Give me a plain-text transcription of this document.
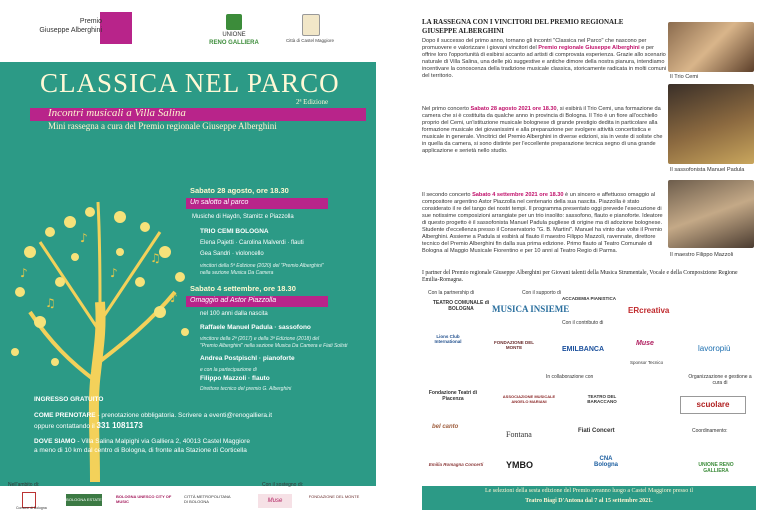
Premio
Giuseppe Alberghini
UNIONE
RENO GALLIERA	Città di Castel Maggiore
♪
♫
♪
♫	♪
♪
CLASSICA NEL PARCO
2ª Edizione
Incontri musicali a Villa Salina
Mini rassegna a cura del Premio regionale Giuseppe Alberghini
Sabato 28 agosto, ore 18.30
Un salotto al parco
Musiche di Haydn, Stamitz e Piazzolla
TRIO CEMI BOLOGNA
Elena Pajetti · Carolina Malverdi · flauti
Gea Sandri · violoncello
vincitori della 5ª Edizione (2020) del "Premio Alberghini"
nella sezione Musica Da Camera
Sabato 4 settembre, ore 18.30
Omaggio ad Astor Piazzolla
nel 100 anni dalla nascita
Raffaele Manuel Padula · sassofono
vincitore della 2ª (2017) e della 3ª Edizione (2018) del
"Premio Alberghini" nella sezione Musica Da Camera e Fiati Solisti
Andrea Postpischl · pianoforte
e con la partecipazione di
Filippo Mazzoli · flauto
Direttore tecnico del premio G. Alberghini
INGRESSO GRATUITO
COME PRENOTARE - prenotazione obbligatoria. Scrivere a eventi@renogalliera.it
oppure contattando il 331 1081173
DOVE SIAMO - Villa Salina Malpighi via Galliera 2, 40013 Castel Maggiore
a meno di 10 km dal centro di Bologna, di fronte alla Stazione di Corticella
Nell'ambito di:	Con il sostegno di:
Comune di Bologna
BOLOGNA ESTATE
BOLOGNA UNESCO CITY OF MUSIC
CITTÀ METROPOLITANA DI BOLOGNA	Muse
FONDAZIONE DEL MONTE
LA RASSEGNA CON I VINCITORI DEL PREMIO REGIONALE
GIUSEPPE ALBERGHINI
Dopo il successo del primo anno, tornano gli incontri "Classica nel Parco" che nascono per promuovere e valorizzare i giovani vincitori del Premio regionale Giuseppe Alberghini e per offrire loro l'opportunità di esibirsi accanto ad artisti di comprovata esperienza. Grazie allo scenario naturale di Villa Salina, una delle più suggestive e antiche dimore della nostra pianura, intendiamo incentivare la conoscenza della tradizione musicale classica, storicamente radicata in molti comuni del territorio.
Nel primo concerto Sabato 28 agosto 2021 ore 18.30, si esibirà il Trio Cemi, una formazione da camera che si è costituita da qualche anno in provincia di Bologna. Il Trio è un fiore all'occhiello proprio del Cemi, un'istituzione musicale bolognese di grande prestigio dedita in particolare alla formazione musicale dei giovanissimi e alla preparazione per svolgere attività concertistica e musicale in generale. Vincitrici del Premio Alberghini in diverse edizioni, sia in veste di soliste che in quella da camera, si sono distinte per l'eccellente preparazione tecnica segno di una grande applicazione e serietà nello studio.
Il secondo concerto Sabato 4 settembre 2021 ore 18.30 è un sincero e affettuoso omaggio al compositore argentino Astor Piazzolla nel centenario della sua nascita. Piazzolla è stato considerato il re del tango dei nostri tempi. Il programma presentato oggi prevede l'esecuzione di sue notissime composizioni arrangiate per un trio insolito: sassofono, flauto e pianoforte. Ideatore di questo progetto è il sassofonista Manuel Padula pugliese di origine ma di adozione bolognese. Studente d'eccellenza presso il Conservatorio "G. B. Martini". Manuel ha vinto due volte il Premio Alberghini. Assieme a Padula si esibirà al flauto il maestro Filippo Mazzoli, ravennate, direttore tecnico del Premio Alberghini fin dalla sua prima edizione. Primo flauto al Teatro Comunale di Bologna al Maggio Musicale Fiorentino e per 10 anni al Teatro Regio di Parma.
Il Trio Cemi
Il sassofonista Manuel Padula
Il maestro Filippo Mazzoli
I partner del Premio regionale Giuseppe Alberghini per Giovani talenti della Musica Strumentale, Vocale e della Composizione Regione Emilia-Romagna.
Con la partnership di	Con il supporto di
TEATRO COMUNALE di BOLOGNA	MUSICA INSIEME
ACCADEMIA PIANISTICA
ERcreativa
Con il contributo di
Lions Club International	FONDAZIONE DEL MONTE	EMILBANCA
Muse
Sponsor Tecnico
lavoropiù
In collaborazione con	Organizzazione e gestione a cura di
Fondazione Teatri di Piacenza	ASSOCIAZIONE MUSICALE ANGELO MARIANI
TEATRO DEL BARACCANO	scuolare
bel canto
Fontana	Fiati Concert	Coordinamento:
Emilia Romagna Concerti	YMBO
CNA Bologna	UNIONE RENO GALLIERA
Le selezioni della sesta edizione del Premio avranno luogo a Castel Maggiore presso il
Teatro Biagi D'Antona dal 7 al 15 settembre 2021.
